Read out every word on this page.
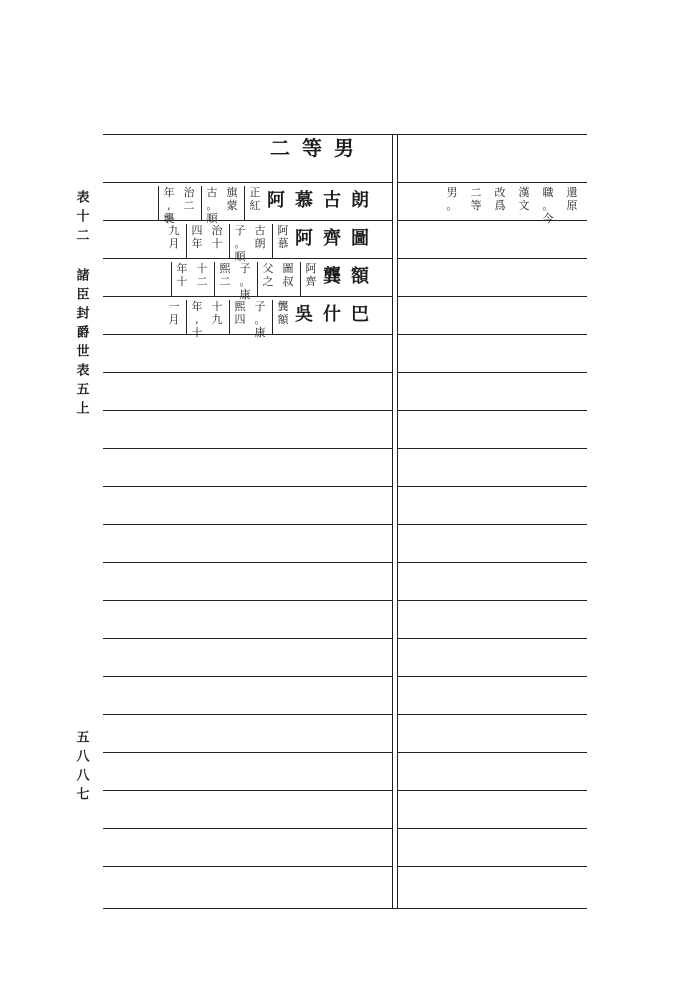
表十二
諸臣封爵世表五上
五八八七
二等男
阿慕古朗
正
紅
旗
蒙
古
。
順
治
二
年
,
襲
阿齊圖
阿
慕
古
朗
子
。
順
治
十
四
年
九
月
龔額
阿
齊
圖
叔
父
之
子
。
康
熙
二
十
二
年
十
吳什巴
龔
額
子
。
康
熙
四
十
九
年
,
十
一
月
還
原
職
。
今
漢
文
改
爲
二
等
男
。
